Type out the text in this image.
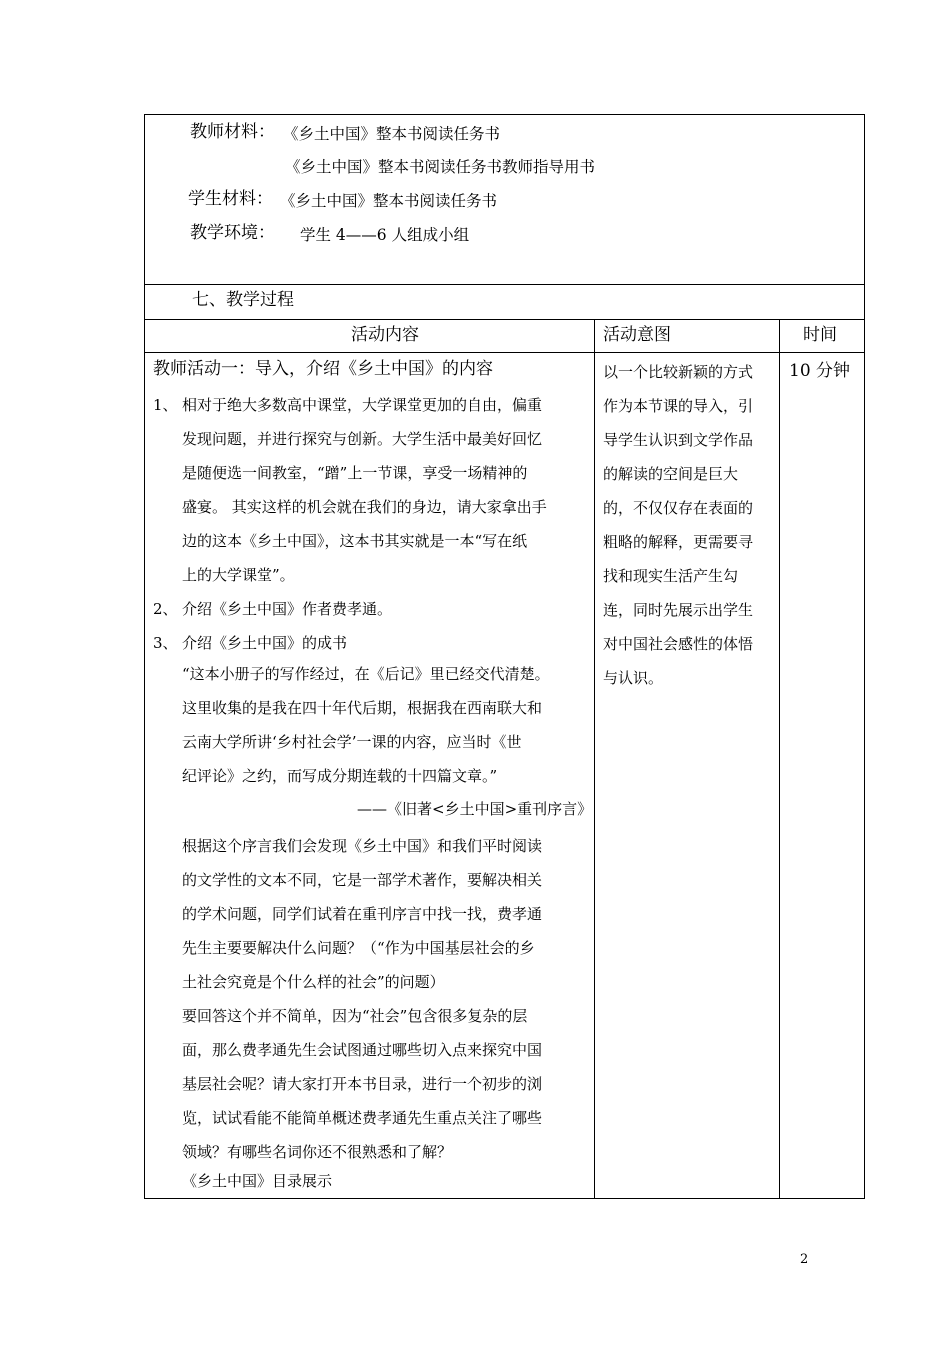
教师材料： 《乡土中国》整本书阅读任务书
《乡土中国》整本书阅读任务书教师指导用书
学生材料： 《乡土中国》整本书阅读任务书
教学环境： 学生 4——6 人组成小组
七、教学过程
活动内容	活动意图	时间
教师活动一：导入，介绍《乡土中国》的内容
1、 相对于绝大多数高中课堂，大学课堂更加的自由，偏重
发现问题，并进行探究与创新。大学生活中最美好回忆
是随便选一间教室，“蹭”上一节课，享受一场精神的
盛宴。 其实这样的机会就在我们的身边，请大家拿出手
边的这本《乡土中国》，这本书其实就是一本“写在纸
上的大学课堂”。
2、 介绍《乡土中国》作者费孝通。
3、 介绍《乡土中国》的成书
“这本小册子的写作经过，在《后记》里已经交代清楚。
这里收集的是我在四十年代后期，根据我在西南联大和
云南大学所讲‘乡村社会学’一课的内容，应当时《世
纪评论》之约，而写成分期连载的十四篇文章。”
——《旧著<乡土中国>重刊序言》
根据这个序言我们会发现《乡土中国》和我们平时阅读
的文学性的文本不同，它是一部学术著作，要解决相关
的学术问题，同学们试着在重刊序言中找一找，费孝通
先生主要要解决什么问题？（“作为中国基层社会的乡
土社会究竟是个什么样的社会”的问题）
要回答这个并不简单，因为“社会”包含很多复杂的层
面，那么费孝通先生会试图通过哪些切入点来探究中国
基层社会呢？请大家打开本书目录，进行一个初步的浏
览，试试看能不能简单概述费孝通先生重点关注了哪些
领域？有哪些名词你还不很熟悉和了解？
《乡土中国》目录展示
以一个比较新颖的方式
作为本节课的导入，引
导学生认识到文学作品
的解读的空间是巨大
的，不仅仅存在表面的
粗略的解释，更需要寻
找和现实生活产生勾
连，同时先展示出学生
对中国社会感性的体悟
与认识。
10 分钟
2
